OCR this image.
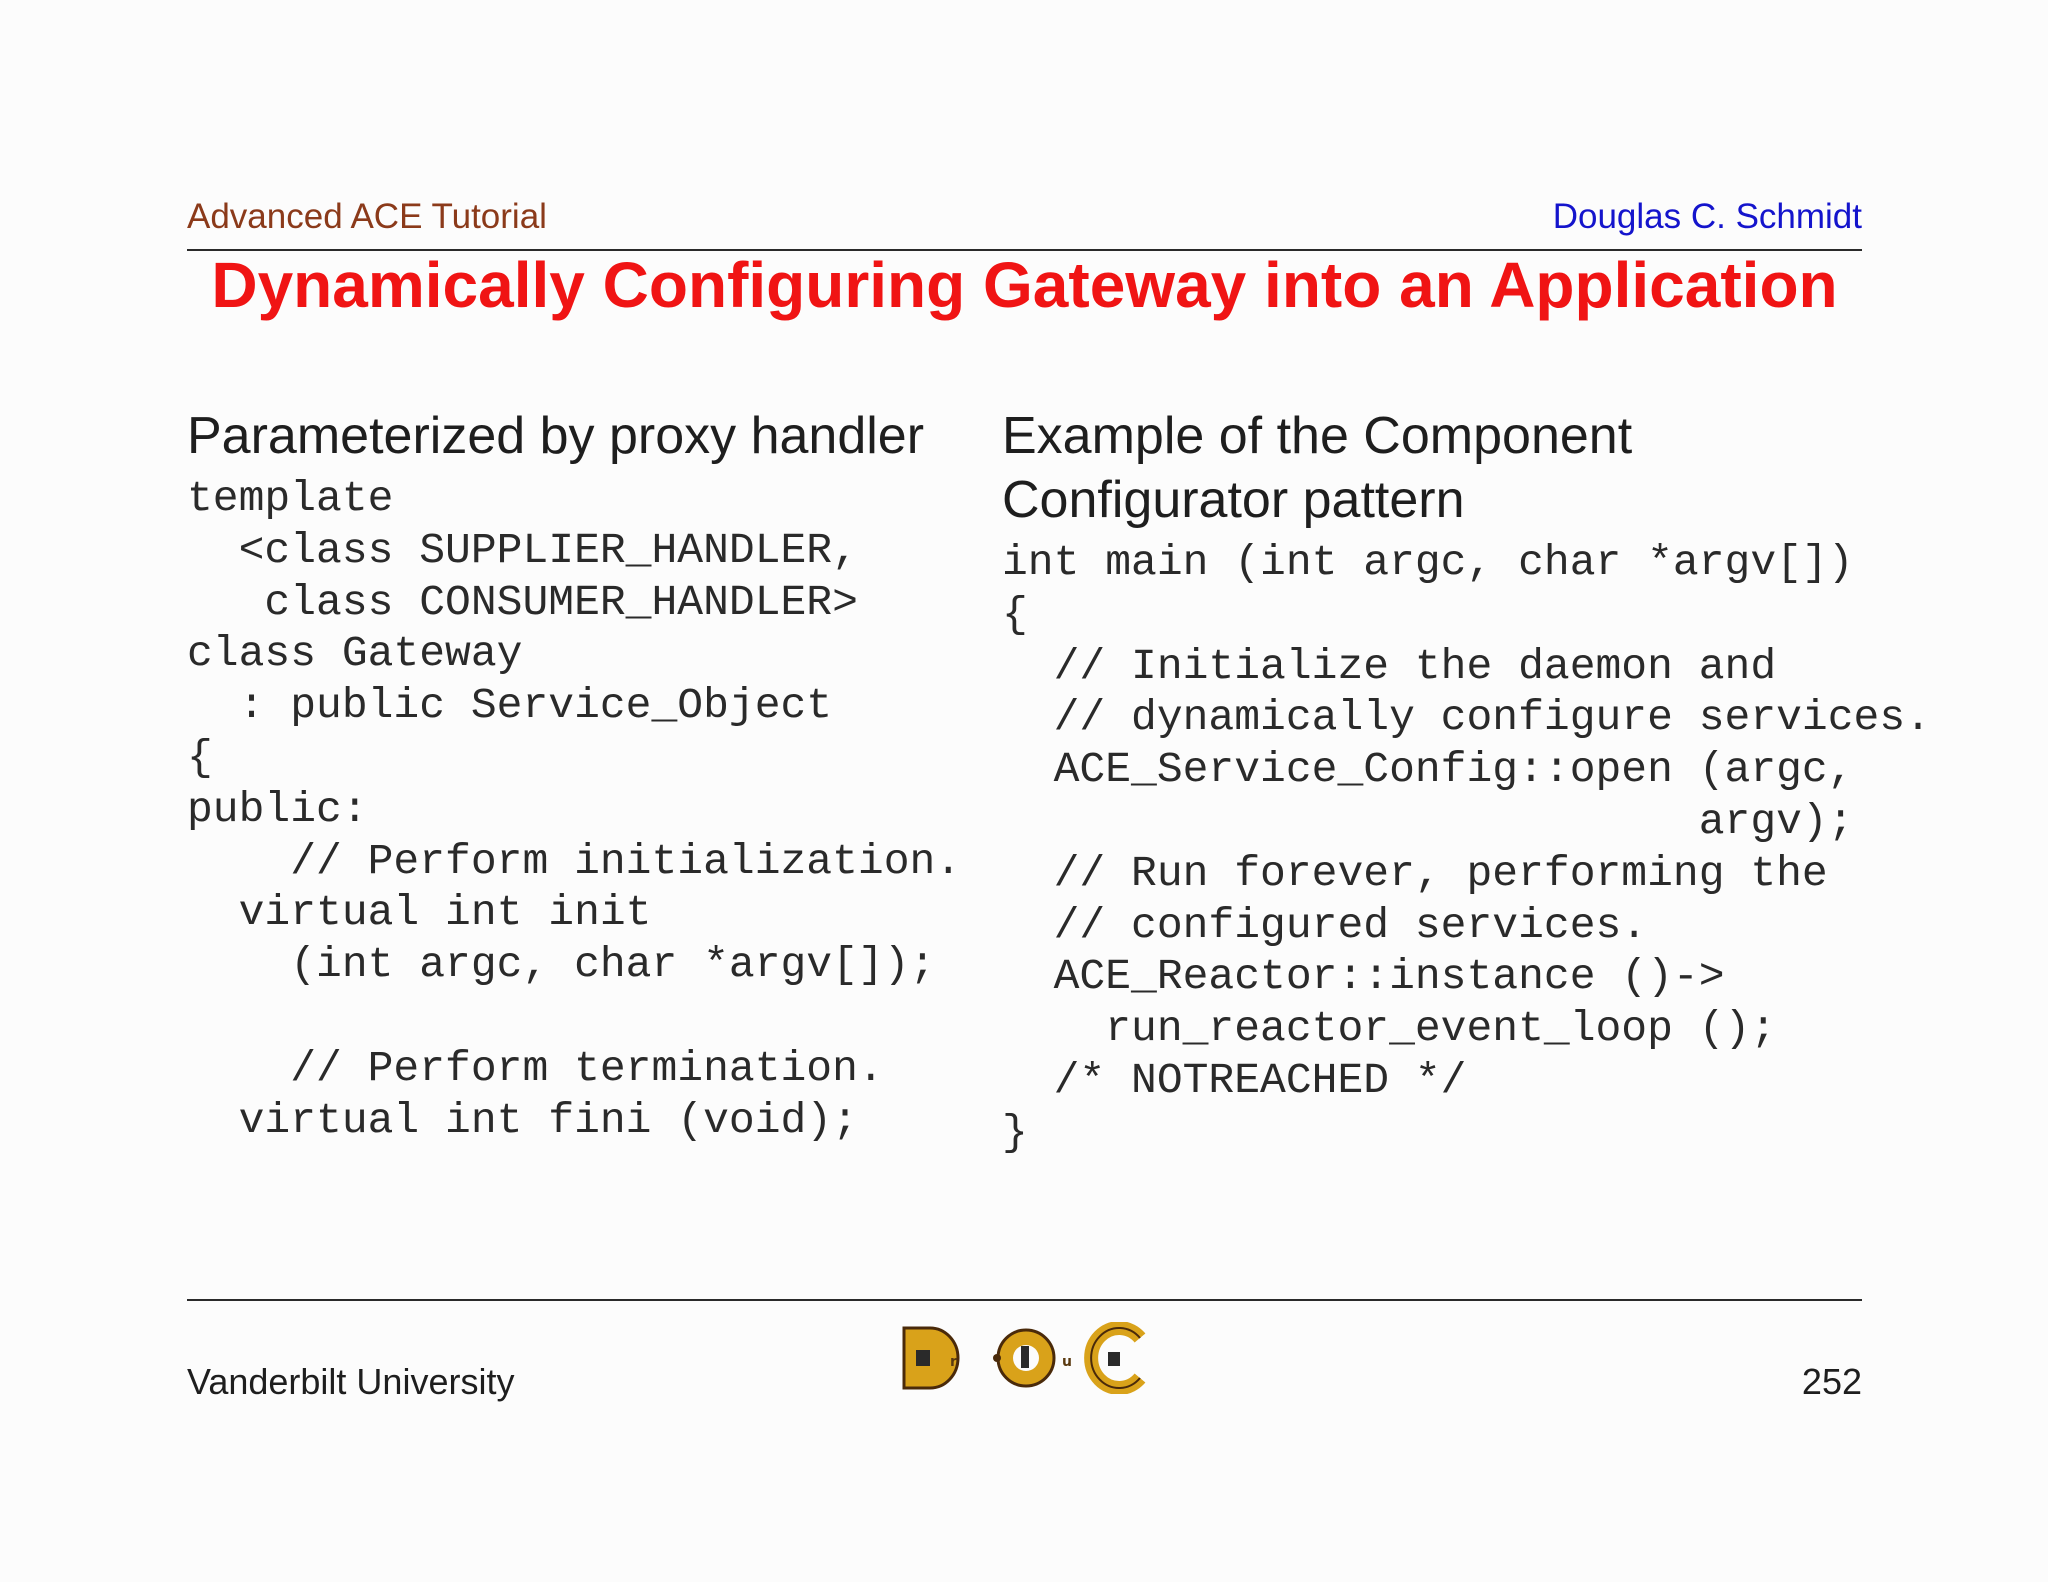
Advanced ACE Tutorial	Douglas C. Schmidt
Dynamically Configuring Gateway into an Application
Parameterized by proxy handler
template
<class SUPPLIER_HANDLER,
class CONSUMER_HANDLER>
class Gateway
: public Service_Object
{
public:
// Perform initialization.
virtual int init
(int argc, char *argv[]);
// Perform termination.
virtual int fini (void);
Example of the Component
Configurator pattern
int main (int argc, char *argv[])
{
// Initialize the daemon and
// dynamically configure services.
ACE_Service_Config::open (argc,
argv);
// Run forever, performing the
// configured services.
ACE_Reactor::instance ()->
run_reactor_event_loop ();
/* NOTREACHED */
}
Vanderbilt University	252
r	u
